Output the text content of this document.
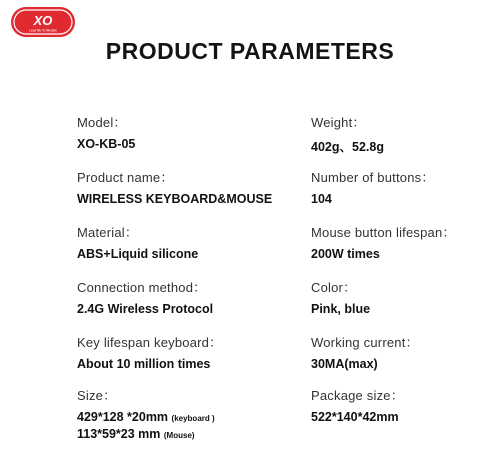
XO
Lead life To lifestyle
PRODUCT PARAMETERS
Model：
XO-KB-05
Weight：
402g、52.8g
Product name：
WIRELESS KEYBOARD&MOUSE
Number of buttons：
104
Material：
ABS+Liquid silicone
Mouse button lifespan：
200W times
Connection method：
2.4G Wireless Protocol
Color：
Pink, blue
Key lifespan keyboard：
About 10 million times
Working current：
30MA(max)
Size：
429*128 *20mm (keyboard )
113*59*23 mm (Mouse)
Package size：
522*140*42mm
